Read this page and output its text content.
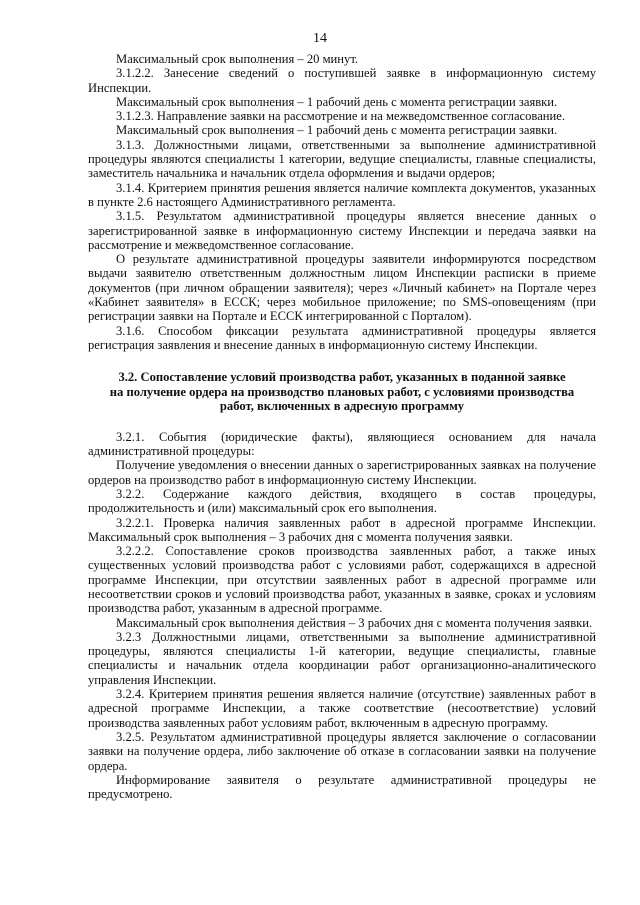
14

Максимальный срок выполнения – 20 минут.

3.1.2.2. Занесение сведений о поступившей заявке в информационную систему Инспекции.

Максимальный срок выполнения – 1 рабочий день с момента регистрации заявки.

3.1.2.3. Направление заявки на рассмотрение и на межведомственное согласование.

Максимальный срок выполнения – 1 рабочий день с момента регистрации заявки.

3.1.3. Должностными лицами, ответственными за выполнение административной процедуры являются специалисты 1 категории, ведущие специалисты, главные специалисты, заместитель начальника и начальник отдела оформления и выдачи ордеров;

3.1.4. Критерием принятия решения является наличие комплекта документов, указанных в пункте 2.6 настоящего Административного регламента.

3.1.5. Результатом административной процедуры является внесение данных о зарегистрированной заявке в информационную систему Инспекции и передача заявки на рассмотрение и межведомственное согласование.

О результате административной процедуры заявители информируются посредством выдачи заявителю ответственным должностным лицом Инспекции расписки в приеме документов (при личном обращении заявителя); через «Личный кабинет» на Портале через «Кабинет заявителя» в ЕССК; через мобильное приложение; по SMS-оповещениям (при регистрации заявки на Портале и ЕССК интегрированной с Порталом).

3.1.6. Способом фиксации результата административной процедуры является регистрация заявления и внесение данных в информационную систему Инспекции.

3.2. Сопоставление условий производства работ, указанных в поданной заявке

на получение ордера на производство плановых работ, с условиями производства

работ, включенных в адресную программу

3.2.1. События (юридические факты), являющиеся основанием для начала административной процедуры:

Получение уведомления о внесении данных о зарегистрированных заявках на получение ордеров на производство работ в информационную систему Инспекции.

3.2.2. Содержание каждого действия, входящего в состав процедуры, продолжительность и (или) максимальный срок его выполнения.

3.2.2.1. Проверка наличия заявленных работ в адресной программе Инспекции. Максимальный срок выполнения – 3 рабочих дня с момента получения заявки.

3.2.2.2. Сопоставление сроков производства заявленных работ, а также иных существенных условий производства работ с условиями работ, содержащихся в адресной программе Инспекции, при отсутствии заявленных работ в адресной программе или несоответствии сроков и условий производства работ, указанных в заявке, сроках и условиям производства работ, указанным в адресной программе.

Максимальный срок выполнения действия – 3 рабочих дня с момента получения заявки.

3.2.3 Должностными лицами, ответственными за выполнение административной процедуры, являются специалисты 1-й категории, ведущие специалисты, главные специалисты и начальник отдела координации работ организационно-аналитического управления Инспекции.

3.2.4. Критерием принятия решения является наличие (отсутствие) заявленных работ в адресной программе Инспекции, а также соответствие (несоответствие) условий производства заявленных работ условиям работ, включенным в адресную программу.

3.2.5. Результатом административной процедуры является заключение о согласовании заявки на получение ордера, либо заключение об отказе в согласовании заявки на получение ордера.

Информирование заявителя о результате административной процедуры не предусмотрено.
